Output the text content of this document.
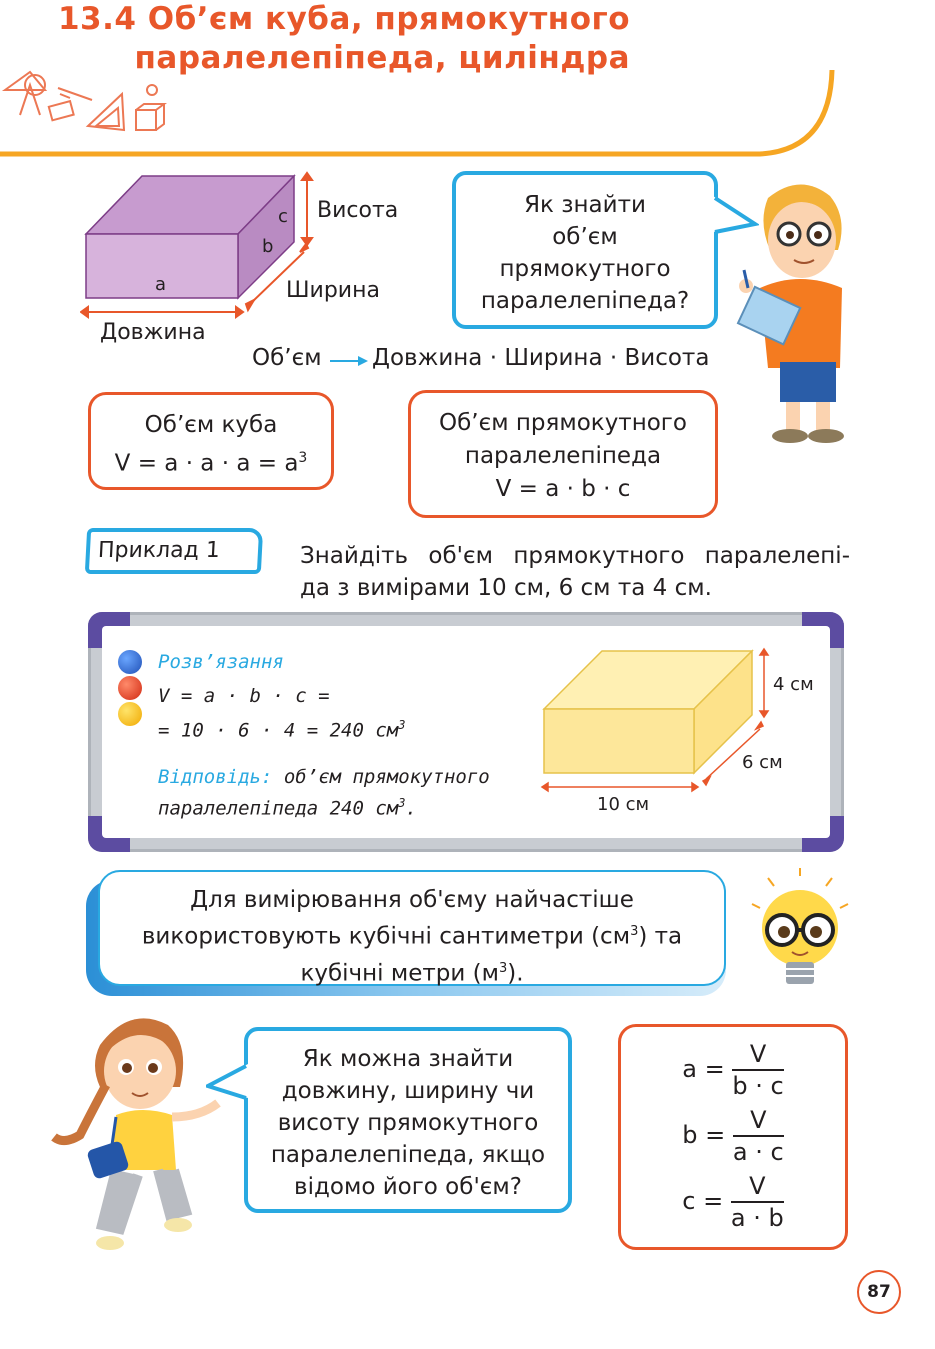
13.4 Об’єм куба, прямокутного
паралелепіпеда, циліндра
a
b
c Висота
Ширина
Довжина
Як знайти
об’єм
прямокутного
паралелепіпеда?
Об’єм Довжина · Ширина · Висота
Об’єм куба
$V = a \cdot a \cdot a = a^3$
Об’єм прямокутного
паралелепіпеда
V = a · b · c
Приклад 1	Знайдіть об'єм прямокутного паралелепі-
да з вимірами 10 см, 6 см та 4 см.
Розв’язання
V = a · b · c =
= 10 · 6 · 4 = 240 $см^3$
Відповідь: об’єм прямокутного
паралелепіпеда 240 $см^3$.
4 см
6 см
10 см
Для вимірювання об'єму найчастіше
використовують кубічні сантиметри $(см^3)$ та
кубічні метри $(м^3)$.
Як можна знайти
довжину, ширину чи
висоту прямокутного
паралелепіпеда, якщо
відомо його об'єм?
$a = \frac{V}{b \cdot c}$
$b = \frac{V}{a \cdot c}$
$c = \frac{V}{a \cdot b}$
87
